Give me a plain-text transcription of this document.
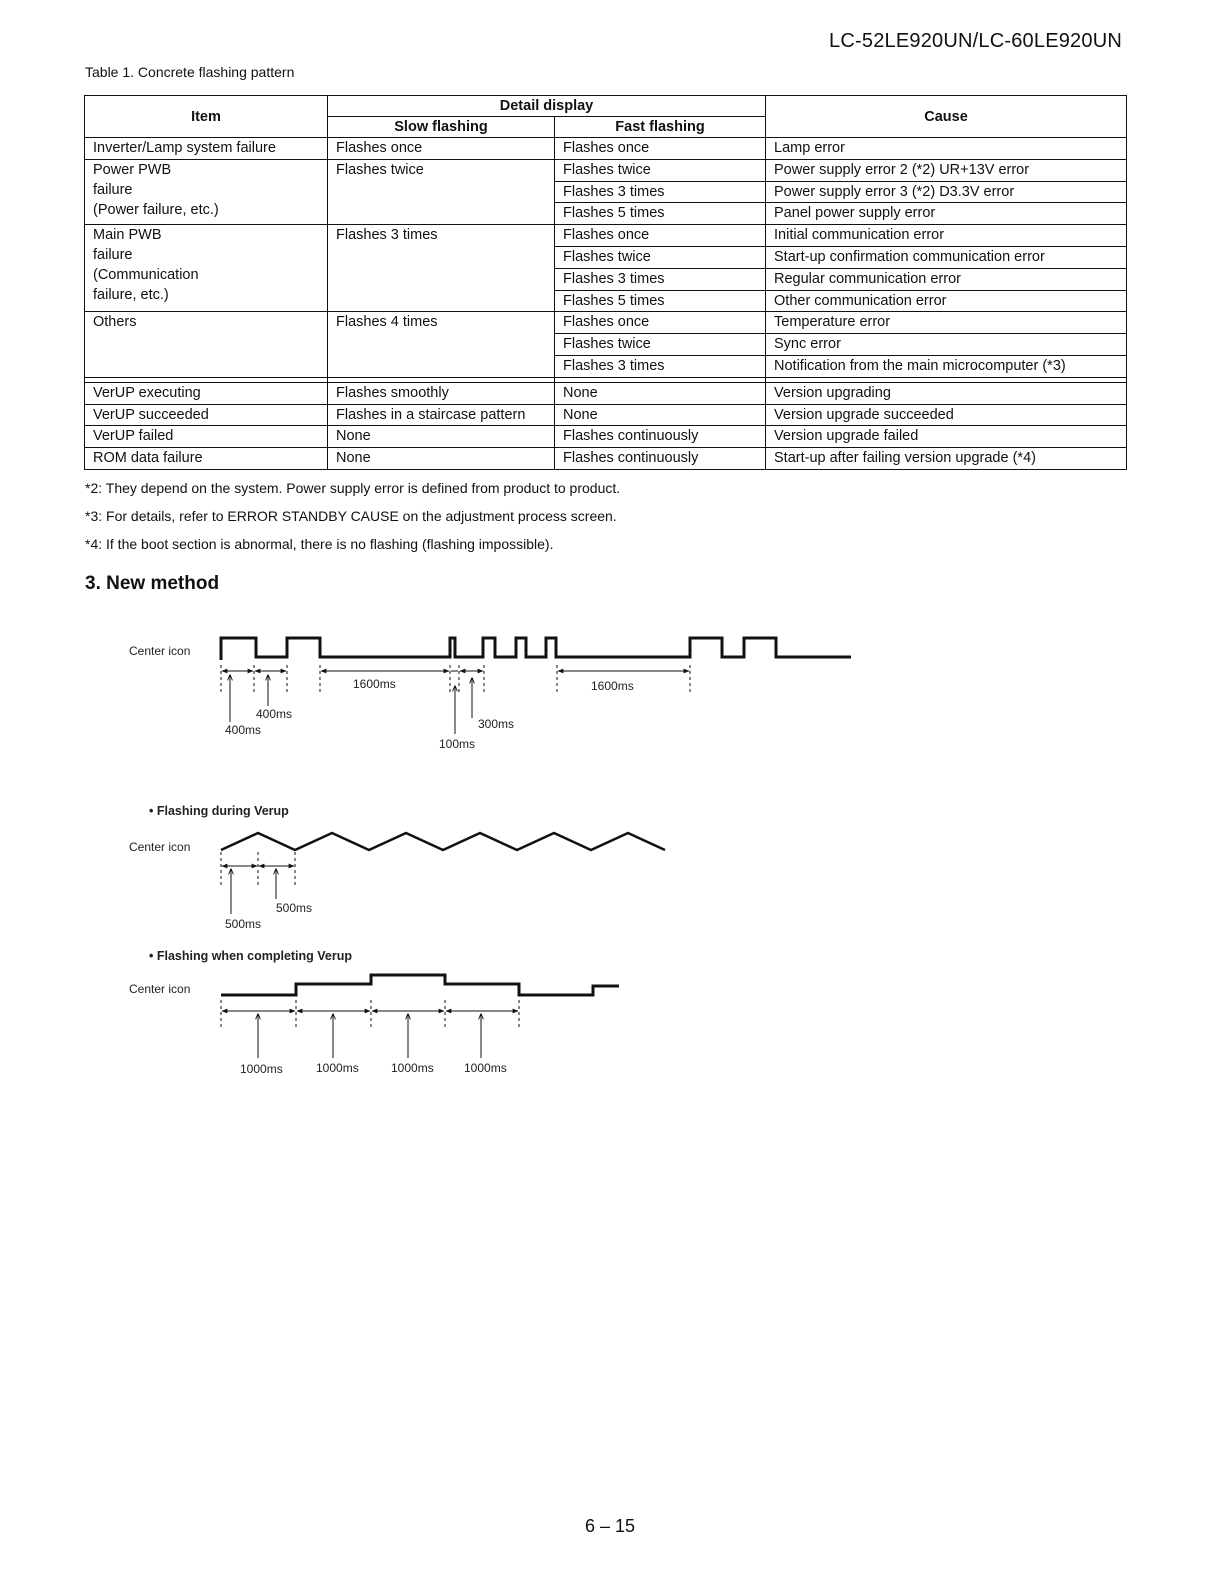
LC-52LE920UN/LC-60LE920UN
Table 1. Concrete flashing pattern
Item	Detail display		Cause
	Slow flashing	Fast flashing	
Inverter/Lamp system failure	Flashes once	Flashes once	Lamp error

Power PWB
failure
(Power failure, etc.)	Flashes twice	Flashes twice	Power supply error 2 (*2) UR+13V error
		Flashes 3 times	Power supply error 3 (*2) D3.3V error
		Flashes 5 times	Panel power supply error

Main PWB
failure
(Communication
failure, etc.)	Flashes 3 times	Flashes once	Initial communication error
		Flashes twice	Start-up confirmation communication error
		Flashes 3 times	Regular communication error
		Flashes 5 times	Other communication error
Others	Flashes 4 times	Flashes once	Temperature error
		Flashes twice	Sync error
		Flashes 3 times	Notification from the main microcomputer (*3)

VerUP executing	Flashes smoothly	None	Version upgrading
VerUP succeeded	Flashes in a staircase pattern	None	Version upgrade succeeded
VerUP failed	None	Flashes continuously	Version upgrade failed
ROM data failure	None	Flashes continuously	Start-up after failing version upgrade (*4)

*2: They depend on the system. Power supply error is defined from product to product.

*3: For details, refer to ERROR STANDBY CAUSE on the adjustment process screen.

*4: If the boot section is abnormal, there is no flashing (flashing impossible).

3. New method
Center icon
1600ms	1600ms
400ms
400ms	300ms
100ms
• Flashing during Verup
Center icon
500ms
500ms
• Flashing when completing Verup
Center icon
1000ms	1000ms	1000ms	1000ms
6 – 15
